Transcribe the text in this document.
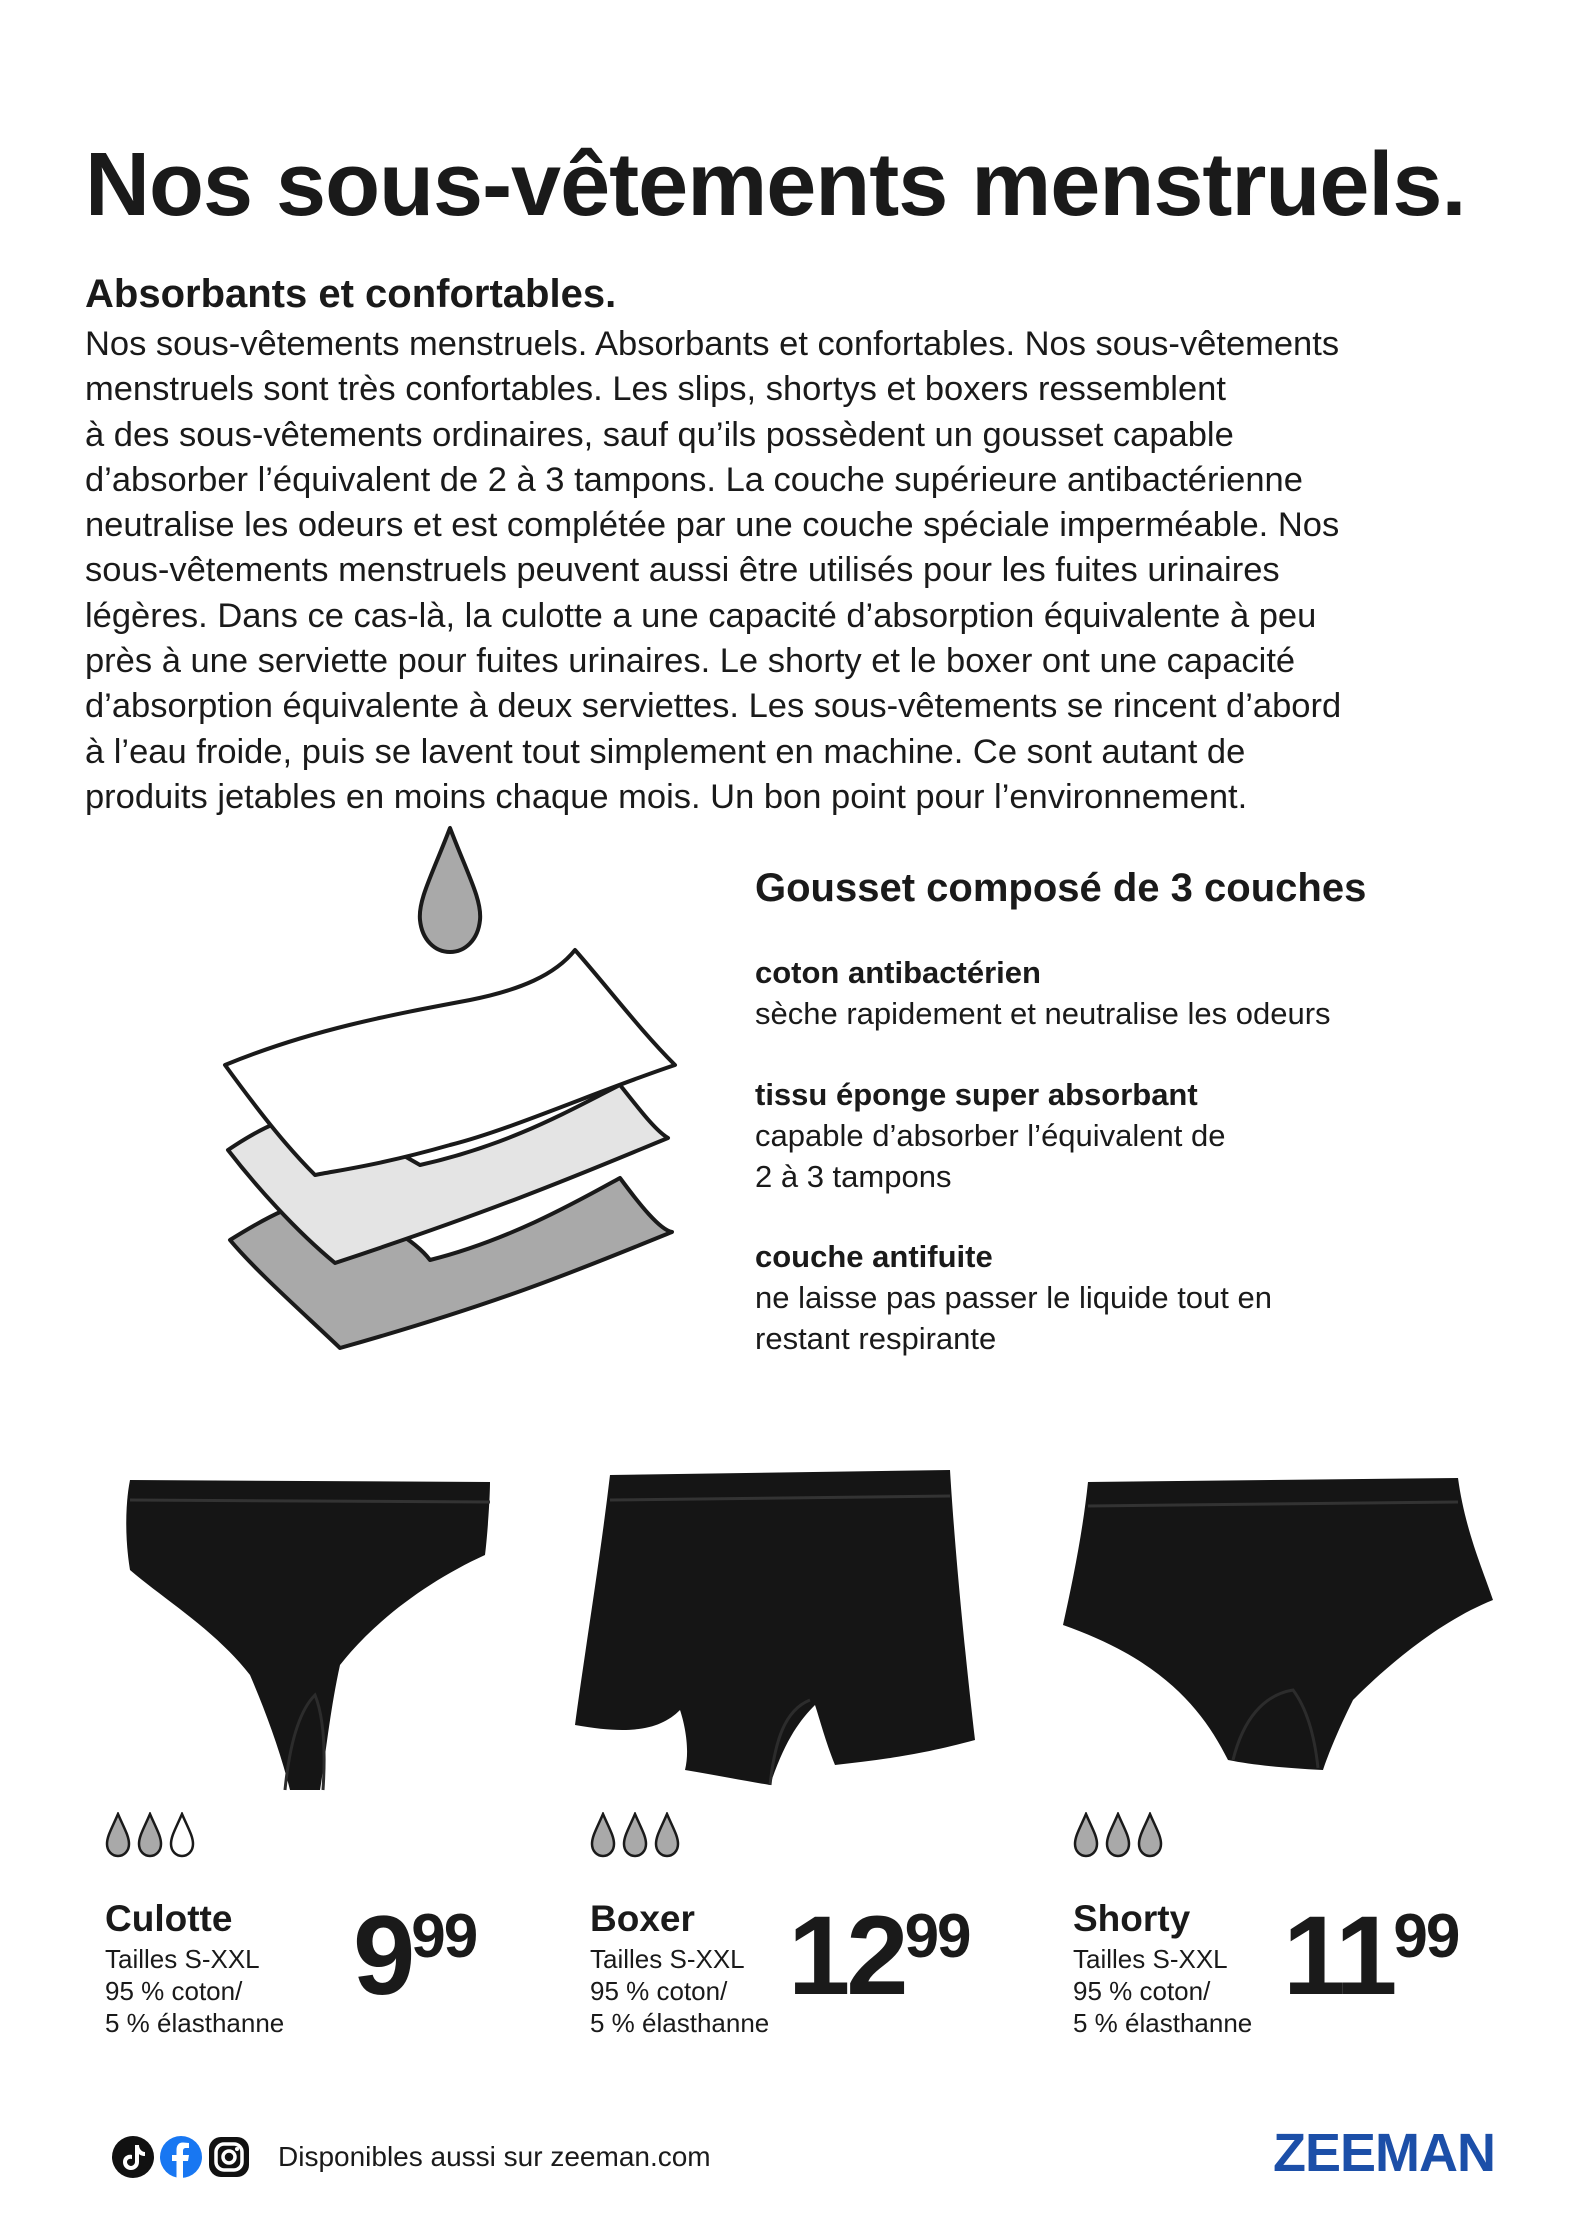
Nos sous-vêtements menstruels.
Absorbants et confortables.
Nos sous-vêtements menstruels. Absorbants et confortables. Nos sous-vêtements
menstruels sont très confortables. Les slips, shortys et boxers ressemblent
à des sous-vêtements ordinaires, sauf qu’ils possèdent un gousset capable
d’absorber l’équivalent de 2 à 3 tampons. La couche supérieure antibactérienne
neutralise les odeurs et est complétée par une couche spéciale imperméable. Nos
sous-vêtements menstruels peuvent aussi être utilisés pour les fuites urinaires
légères. Dans ce cas-là, la culotte a une capacité d’absorption équivalente à peu
près à une serviette pour fuites urinaires. Le shorty et le boxer ont une capacité
d’absorption équivalente à deux serviettes. Les sous-vêtements se rincent d’abord
à l’eau froide, puis se lavent tout simplement en machine. Ce sont autant de
produits jetables en moins chaque mois. Un bon point pour l’environnement.
Gousset composé de 3 couches
coton antibactérien
sèche rapidement et neutralise les odeurs
tissu éponge super absorbant
capable d’absorber l’équivalent de
2 à 3 tampons
couche antifuite
ne laisse pas passer le liquide tout en
restant respirante
Culotte
Tailles S-XXL
95 % coton/
5 % élasthanne
999	Boxer
Tailles S-XXL
95 % coton/
5 % élasthanne
1299	Shorty
Tailles S-XXL
95 % coton/
5 % élasthanne
1199
Disponibles aussi sur zeeman.com	ZEEMAN
